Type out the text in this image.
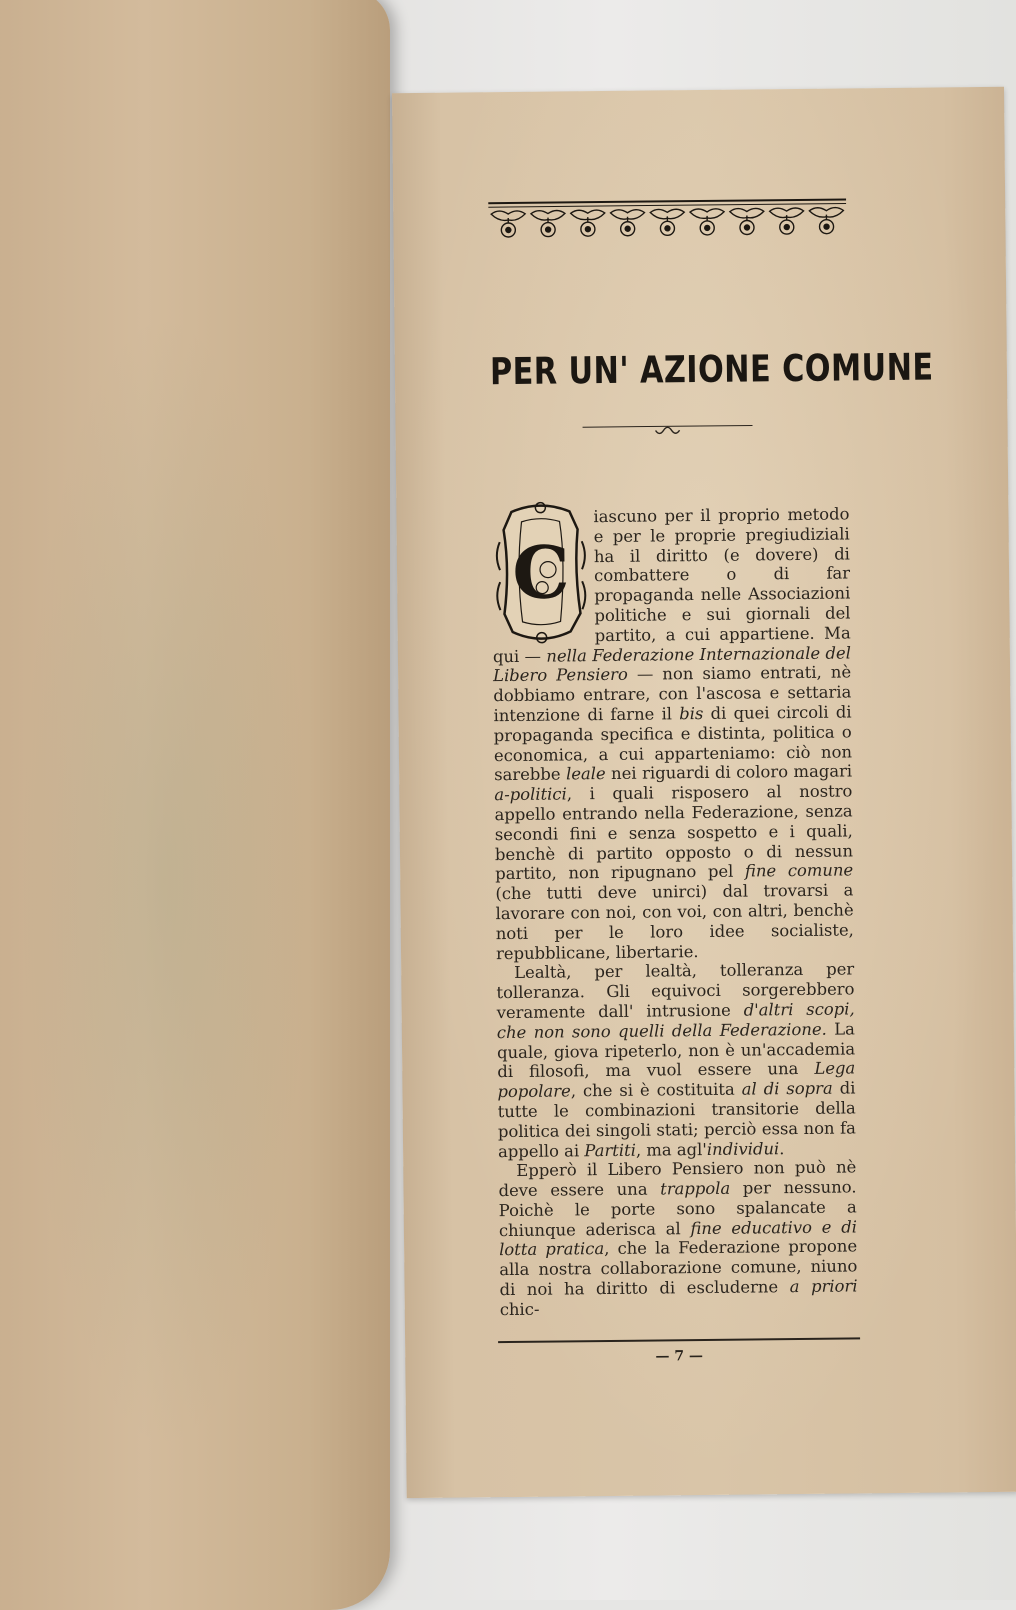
PER UN' AZIONE COMUNE
C

iascuno per il proprio metodo e per le proprie pregiudiziali ha il diritto (e dovere) di combattere o di far propaganda nelle Associazioni politiche e sui giornali del partito, a cui appartiene. Ma qui — nella Federazione Internazionale del Libero Pensiero — non siamo entrati, nè dobbiamo entrare, con l'ascosa e settaria intenzione di farne il bis di quei circoli di propaganda specifica e distinta, politica o economica, a cui apparteniamo: ciò non sarebbe leale nei riguardi di coloro magari a-politici, i quali risposero al nostro appello entrando nella Federazione, senza secondi fini e senza sospetto e i quali, benchè di partito opposto o di nessun partito, non ripugnano pel fine comune (che tutti deve unirci) dal trovarsi a lavorare con noi, con voi, con altri, benchè noti per le loro idee socialiste, repubblicane, libertarie.

Lealtà, per lealtà, tolleranza per tolleranza. Gli equivoci sorgerebbero veramente dall' intrusione d'altri scopi, che non sono quelli della Federazione. La quale, giova ripeterlo, non è un'accademia di filosofi, ma vuol essere una Lega popolare, che si è costituita al di sopra di tutte le combinazioni transitorie della politica dei singoli stati; perciò essa non fa appello ai Partiti, ma agl'individui.

Epperò il Libero Pensiero non può nè deve essere una trappola per nessuno. Poichè le porte sono spalancate a chiunque aderisca al fine educativo e di lotta pratica, che la Federazione propone alla nostra collaborazione comune, niuno di noi ha diritto di escluderne a priori chic-

— 7 —
